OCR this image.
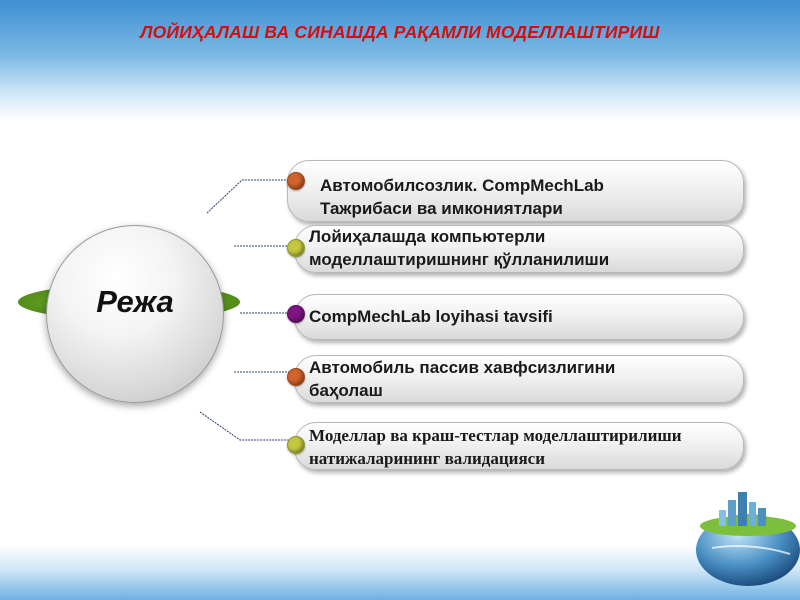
ЛОЙИҲАЛАШ ВА СИНАШДА РАҚАМЛИ МОДЕЛЛАШТИРИШ
Режа
Автомобилсозлик. CompMechLab
Тажрибаси ва имкониятлари
Лойиҳалашда компьютерли
моделлаштиришнинг қўлланилиши
CompMechLab loyihasi tavsifi
Автомобиль пассив хавфсизлигини
баҳолаш
Моделлар ва краш-тестлар моделлаштирилиши
натижаларининг валидацияси
